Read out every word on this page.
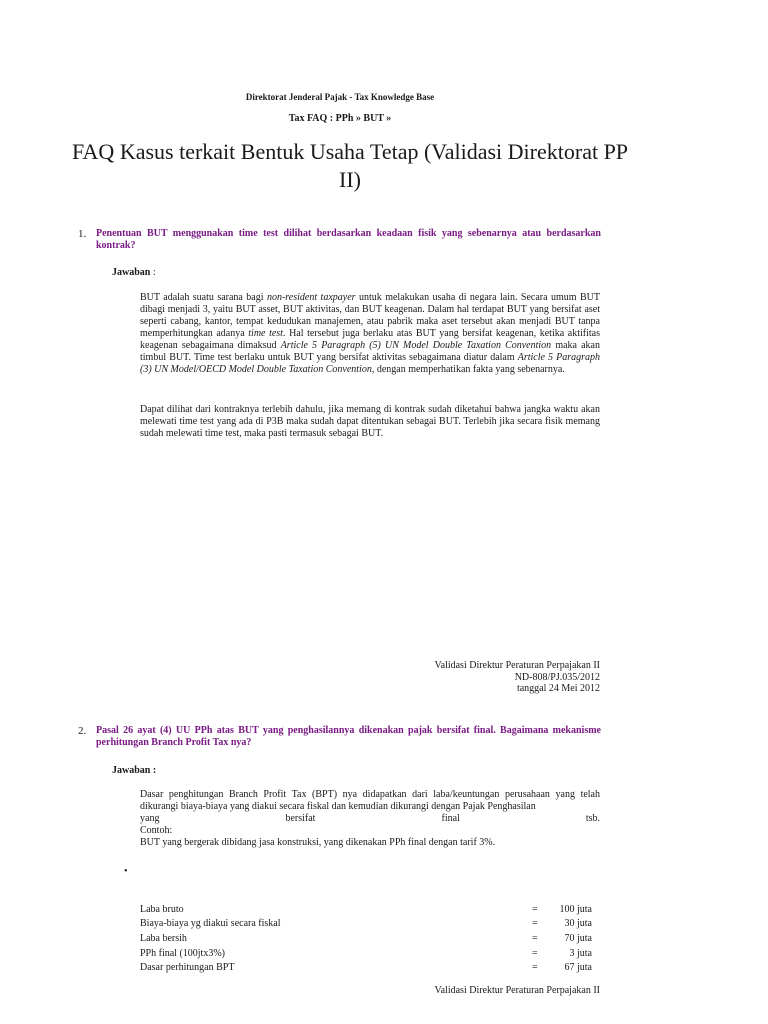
Direktorat Jenderal Pajak - Tax Knowledge Base
Tax FAQ : PPh » BUT »
FAQ Kasus terkait Bentuk Usaha Tetap (Validasi Direktorat PP II)
1. Penentuan BUT menggunakan time test dilihat berdasarkan keadaan fisik yang sebenarnya atau berdasarkan kontrak?
Jawaban :
BUT adalah suatu sarana bagi non-resident taxpayer untuk melakukan usaha di negara lain. Secara umum BUT dibagi menjadi 3, yaitu BUT asset, BUT aktivitas, dan BUT keagenan. Dalam hal terdapat BUT yang bersifat aset seperti cabang, kantor, tempat kedudukan manajemen, atau pabrik maka aset tersebut akan menjadi BUT tanpa memperhitungkan adanya time test. Hal tersebut juga berlaku atas BUT yang bersifat keagenan, ketika aktifitas keagenan sebagaimana dimaksud Article 5 Paragraph (5) UN Model Double Taxation Convention maka akan timbul BUT. Time test berlaku untuk BUT yang bersifat aktivitas sebagaimana diatur dalam Article 5 Paragraph (3) UN Model/OECD Model Double Taxation Convention, dengan memperhatikan fakta yang sebenarnya.
Dapat dilihat dari kontraknya terlebih dahulu, jika memang di kontrak sudah diketahui bahwa jangka waktu akan melewati time test yang ada di P3B maka sudah dapat ditentukan sebagai BUT. Terlebih jika secara fisik memang sudah melewati time test, maka pasti termasuk sebagai BUT.
Validasi Direktur Peraturan Perpajakan II
ND-808/PJ.035/2012
tanggal 24 Mei 2012
2. Pasal 26 ayat (4) UU PPh atas BUT yang penghasilannya dikenakan pajak bersifat final. Bagaimana mekanisme perhitungan Branch Profit Tax nya?
Jawaban :
Dasar penghitungan Branch Profit Tax (BPT) nya didapatkan dari laba/keuntungan perusahaan yang telah dikurangi biaya-biaya yang diakui secara fiskal dan kemudian dikurangi dengan Pajak Penghasilan
yang	bersifat	final	tsb.
Contoh:
BUT yang bergerak dibidang jasa konstruksi, yang dikenakan PPh final dengan tarif 3%.
•
Laba bruto	=	100 juta
Biaya-biaya yg diakui secara fiskal	=	30 juta
Laba bersih	=	70 juta
PPh final (100jtx3%)	=	3 juta
Dasar perhitungan BPT	=	67 juta
Validasi Direktur Peraturan Perpajakan II
